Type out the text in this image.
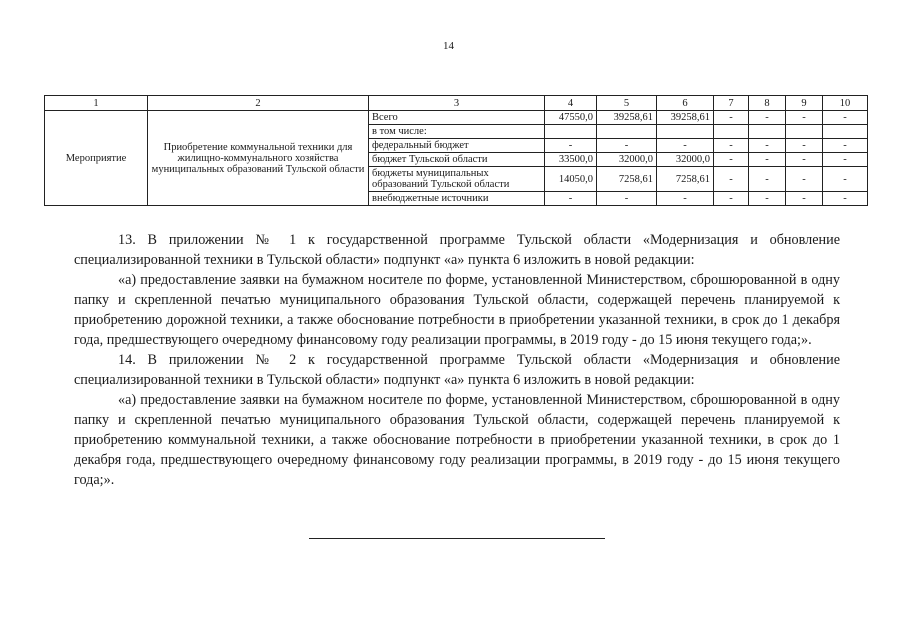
14
1	2	3	4	5	6	7	8	9	10
Мероприятие	Приобретение коммунальной техники для жилищно-коммунального хозяйства муниципальных образований Тульской области	Всего	47550,0	39258,61	39258,61	-	-	-	-
		в том числе:							
		федеральный бюджет	-	-	-	-	-	-	-
		бюджет Тульской области	33500,0	32000,0	32000,0	-	-	-	-
		бюджеты муниципальных образований Тульской области	14050,0	7258,61	7258,61	-	-	-	-
		внебюджетные источники	-	-	-	-	-	-	-

13. В приложении № 1 к государственной программе Тульской области «Модернизация и обновление специализированной техники в Тульской области» подпункт «а» пункта 6 изложить в новой редакции:

«а) предоставление заявки на бумажном носителе по форме, установленной Министерством, сброшюрованной в одну папку и скрепленной печатью муниципального образования Тульской области, содержащей перечень планируемой к приобретению дорожной техники, а также обоснование потребности в приобретении указанной техники, в срок до 1 декабря года, предшествующего очередному финансовому году реализации программы, в 2019 году - до 15 июня текущего года;».

14. В приложении № 2 к государственной программе Тульской области «Модернизация и обновление специализированной техники в Тульской области» подпункт «а» пункта 6 изложить в новой редакции:

«а) предоставление заявки на бумажном носителе по форме, установленной Министерством, сброшюрованной в одну папку и скрепленной печатью муниципального образования Тульской области, содержащей перечень планируемой к приобретению коммунальной техники, а также обоснование потребности в приобретении указанной техники, в срок до 1 декабря года, предшествующего очередному финансовому году реализации программы, в 2019 году - до 15 июня текущего года;».
